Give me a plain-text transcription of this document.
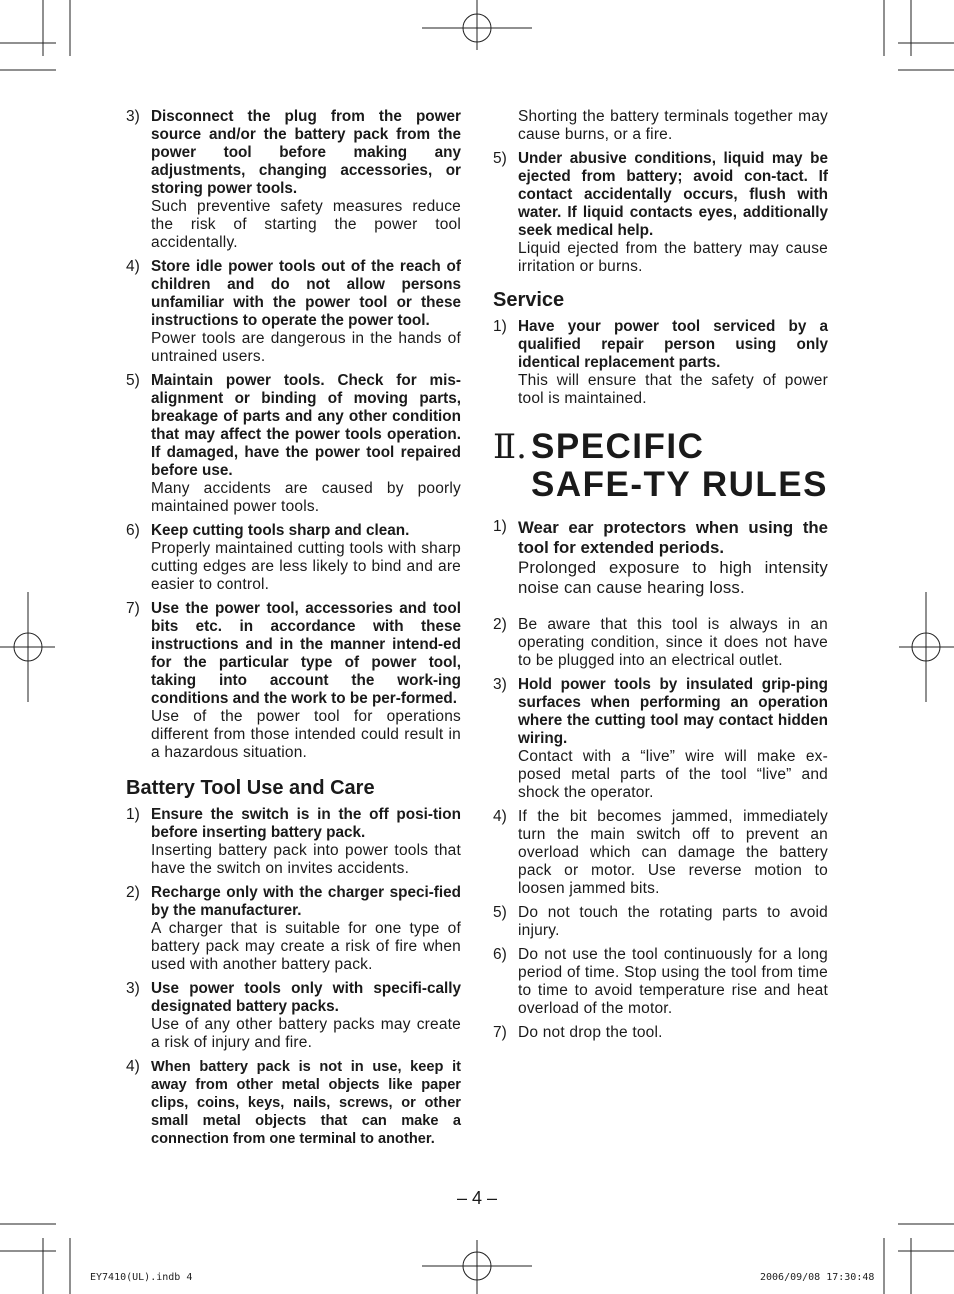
3) Disconnect the plug from the power source and/or the battery pack from the power tool before making any adjustments, changing accessories, or storing power tools.
Such preventive safety measures reduce the risk of starting the power tool accidentally.
4) Store idle power tools out of the reach of children and do not allow persons unfamiliar with the power tool or these instructions to operate the power tool.
Power tools are dangerous in the hands of untrained users.
5) Maintain power tools. Check for mis-alignment or binding of moving parts, breakage of parts and any other condition that may affect the power tools operation. If damaged, have the power tool repaired before use.
Many accidents are caused by poorly maintained power tools.
6) Keep cutting tools sharp and clean.
Properly maintained cutting tools with sharp cutting edges are less likely to bind and are easier to control.
7) Use the power tool, accessories and tool bits etc. in accordance with these instructions and in the manner intend-ed for the particular type of power tool, taking into account the work-ing conditions and the work to be per-formed.
Use of the power tool for operations different from those intended could result in a hazardous situation.
Battery Tool Use and Care
1) Ensure the switch is in the off posi-tion before inserting battery pack.
Inserting battery pack into power tools that have the switch on invites accidents.
2) Recharge only with the charger speci-fied by the manufacturer.
A charger that is suitable for one type of battery pack may create a risk of fire when used with another battery pack.
3) Use power tools only with specifi-cally designated battery packs.
Use of any other battery packs may create a risk of injury and fire.
4) When battery pack is not in use, keep it away from other metal objects like paper clips, coins, keys, nails, screws, or other small metal objects that can make a connection from one terminal to another.
Shorting the battery terminals together may cause burns, or a fire.
5) Under abusive conditions, liquid may be ejected from battery; avoid con-tact. If contact accidentally occurs, flush with water. If liquid contacts eyes, additionally seek medical help.
Liquid ejected from the battery may cause irritation or burns.
Service
1) Have your power tool serviced by a qualified repair person using only identical replacement parts.
This will ensure that the safety of power tool is maintained.
Ⅱ. SPECIFIC SAFE-TY RULES
1) Wear ear protectors when using the tool for extended periods.
Prolonged exposure to high intensity noise can cause hearing loss.
2) Be aware that this tool is always in an operating condition, since it does not have to be plugged into an electrical outlet.
3) Hold power tools by insulated grip-ping surfaces when performing an operation where the cutting tool may contact hidden wiring.
Contact with a “live” wire will make ex-posed metal parts of the tool “live” and shock the operator.
4) If the bit becomes jammed, immediately turn the main switch off to prevent an overload which can damage the battery pack or motor. Use reverse motion to loosen jammed bits.
5) Do not touch the rotating parts to avoid injury.
6) Do not use the tool continuously for a long period of time. Stop using the tool from time to time to avoid temperature rise and heat overload of the motor.
7) Do not drop the tool.
– 4 –
EY7410(UL).indb 4	2006/09/08 17:30:48
